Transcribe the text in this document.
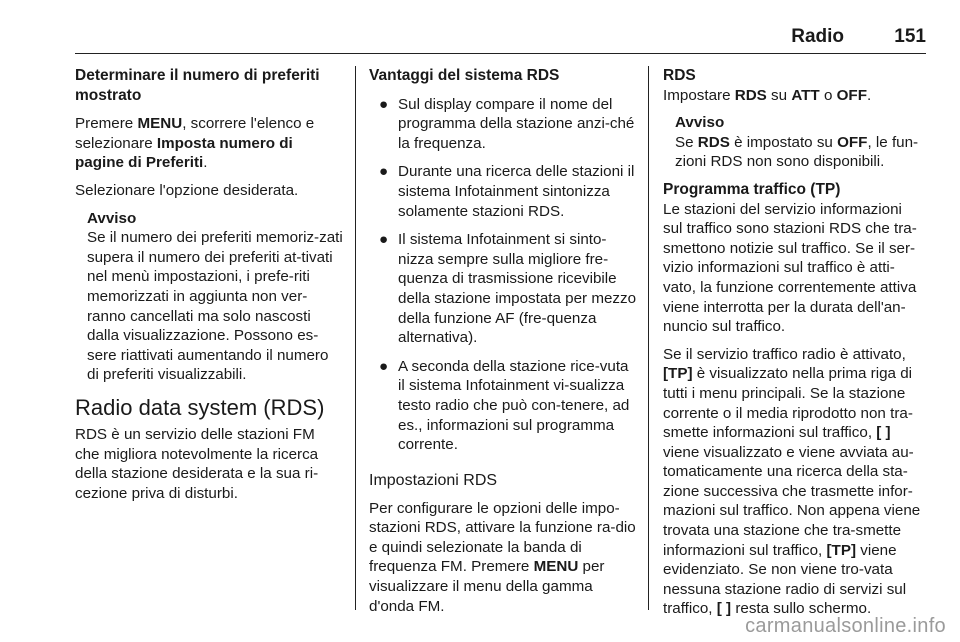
Radio	151
Determinare il numero di preferiti mostrato

Premere MENU, scorrere l'elenco e selezionare Imposta numero di pagine di Preferiti.

Selezionare l'opzione desiderata.

Avviso
Se il numero dei preferiti memoriz-zati supera il numero dei preferiti at-tivati nel menù impostazioni, i prefe-riti memorizzati in aggiunta non ver-ranno cancellati ma solo nascosti dalla visualizzazione. Possono es-sere riattivati aumentando il numero di preferiti visualizzabili.
Radio data system (RDS)

RDS è un servizio delle stazioni FM che migliora notevolmente la ricerca della stazione desiderata e la sua ri-cezione priva di disturbi.

Vantaggi del sistema RDS
● Sul display compare il nome del programma della stazione anzi-ché la frequenza.
● Durante una ricerca delle stazioni il sistema Infotainment sintonizza solamente stazioni RDS.
● Il sistema Infotainment si sinto-nizza sempre sulla migliore fre-quenza di trasmissione ricevibile della stazione impostata per mezzo della funzione AF (fre-quenza alternativa).
● A seconda della stazione rice-vuta il sistema Infotainment vi-sualizza testo radio che può con-tenere, ad es., informazioni sul programma corrente.
Impostazioni RDS

Per configurare le opzioni delle impo-stazioni RDS, attivare la funzione ra-dio e quindi selezionate la banda di frequenza FM. Premere MENU per visualizzare il menu della gamma d'onda FM.

RDS

Impostare RDS su ATT o OFF.

Avviso
Se RDS è impostato su OFF, le fun-zioni RDS non sono disponibili.
Programma traffico (TP)

Le stazioni del servizio informazioni sul traffico sono stazioni RDS che tra-smettono notizie sul traffico. Se il ser-vizio informazioni sul traffico è atti-vato, la funzione correntemente attiva viene interrotta per la durata dell'an-nuncio sul traffico.

Se il servizio traffico radio è attivato, [TP] è visualizzato nella prima riga di tutti i menu principali. Se la stazione corrente o il media riprodotto non tra-smette informazioni sul traffico, [ ] viene visualizzato e viene avviata au-tomaticamente una ricerca della sta-zione successiva che trasmette infor-mazioni sul traffico. Non appena viene trovata una stazione che tra-smette informazioni sul traffico, [TP] viene evidenziato. Se non viene tro-vata nessuna stazione radio di servizi sul traffico, [ ] resta sullo schermo.

carmanualsonline.info
